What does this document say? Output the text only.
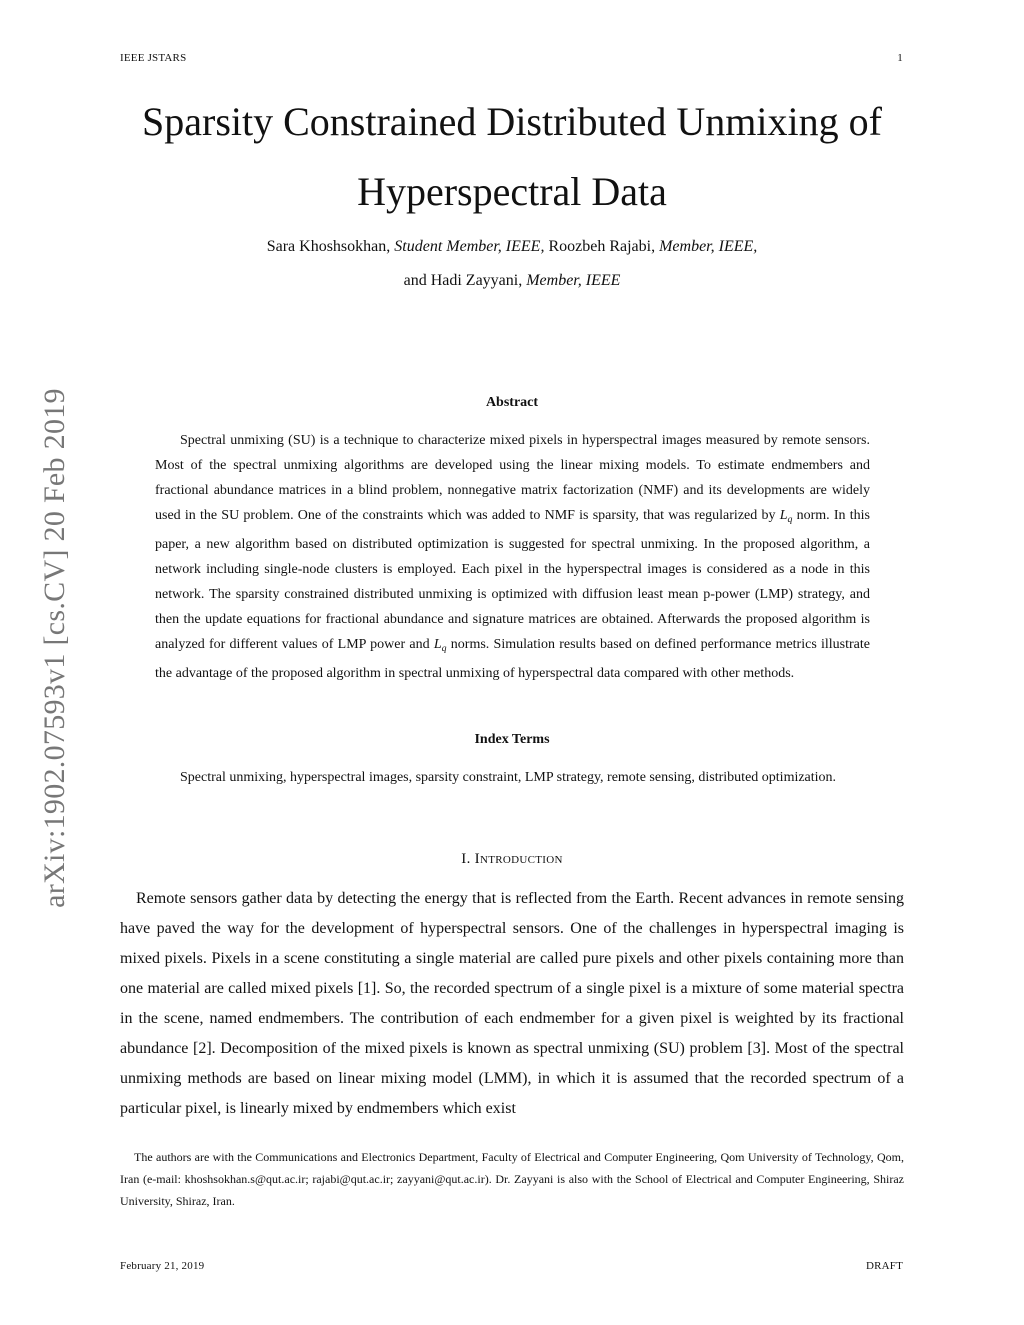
IEEE JSTARS	1
Sparsity Constrained Distributed Unmixing of
Hyperspectral Data
Sara Khoshsokhan, Student Member, IEEE, Roozbeh Rajabi, Member, IEEE,
and Hadi Zayyani, Member, IEEE
arXiv:1902.07593v1 [cs.CV] 20 Feb 2019	Abstract
Spectral unmixing (SU) is a technique to characterize mixed pixels in hyperspectral images measured by remote sensors. Most of the spectral unmixing algorithms are developed using the linear mixing models. To estimate endmembers and fractional abundance matrices in a blind problem, nonnegative matrix factorization (NMF) and its developments are widely used in the SU problem. One of the constraints which was added to NMF is sparsity, that was regularized by $L_q$ norm. In this paper, a new algorithm based on distributed optimization is suggested for spectral unmixing. In the proposed algorithm, a network including single-node clusters is employed. Each pixel in the hyperspectral images is considered as a node in this network. The sparsity constrained distributed unmixing is optimized with diffusion least mean p-power (LMP) strategy, and then the update equations for fractional abundance and signature matrices are obtained. Afterwards the proposed algorithm is analyzed for different values of LMP power and $L_q$ norms. Simulation results based on defined performance metrics illustrate the advantage of the proposed algorithm in spectral unmixing of hyperspectral data compared with other methods.
Index Terms
Spectral unmixing, hyperspectral images, sparsity constraint, LMP strategy, remote sensing, distributed optimization.
I. Introduction
Remote sensors gather data by detecting the energy that is reflected from the Earth. Recent advances in remote sensing have paved the way for the development of hyperspectral sensors. One of the challenges in hyperspectral imaging is mixed pixels. Pixels in a scene constituting a single material are called pure pixels and other pixels containing more than one material are called mixed pixels [1]. So, the recorded spectrum of a single pixel is a mixture of some material spectra in the scene, named endmembers. The contribution of each endmember for a given pixel is weighted by its fractional abundance [2]. Decomposition of the mixed pixels is known as spectral unmixing (SU) problem [3]. Most of the spectral unmixing methods are based on linear mixing model (LMM), in which it is assumed that the recorded spectrum of a particular pixel, is linearly mixed by endmembers which exist
The authors are with the Communications and Electronics Department, Faculty of Electrical and Computer Engineering, Qom University of Technology, Qom, Iran (e-mail: khoshsokhan.s@qut.ac.ir; rajabi@qut.ac.ir; zayyani@qut.ac.ir). Dr. Zayyani is also with the School of Electrical and Computer Engineering, Shiraz University, Shiraz, Iran.
February 21, 2019	DRAFT
